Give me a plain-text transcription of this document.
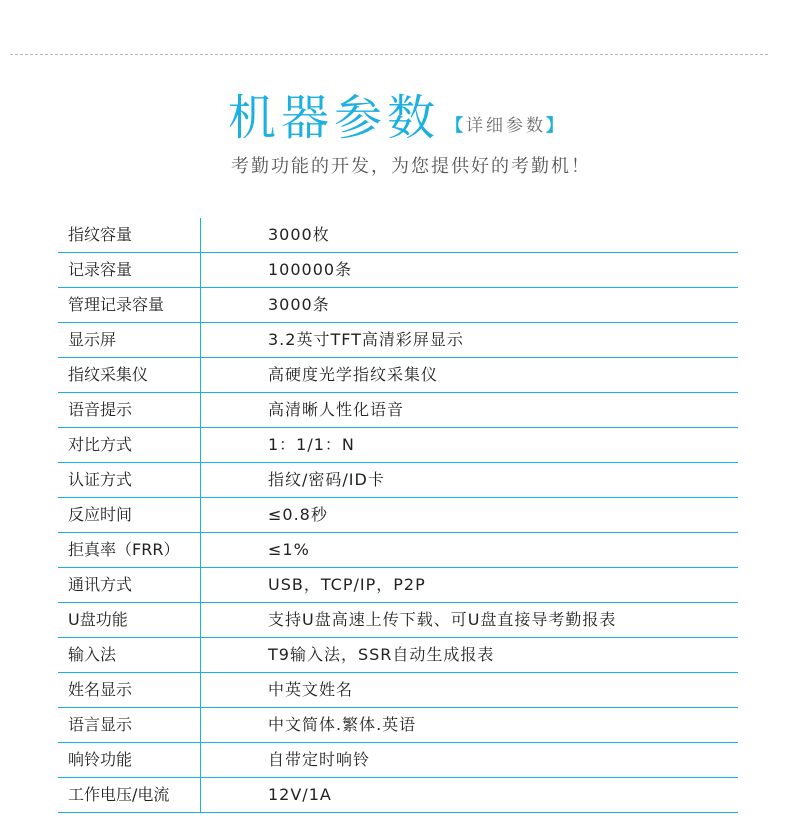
机器参数 【详细参数】
考勤功能的开发，为您提供好的考勤机！
指纹容量	3000枚
记录容量	100000条
管理记录容量	3000条
显示屏	3.2英寸TFT高清彩屏显示
指纹采集仪	高硬度光学指纹采集仪
语音提示	高清晰人性化语音
对比方式	1：1/1：N
认证方式	指纹/密码/ID卡
反应时间	≤0.8秒
拒真率（FRR）	≤1%
通讯方式	USB，TCP/IP，P2P
U盘功能	支持U盘高速上传下载、可U盘直接导考勤报表
输入法	T9输入法，SSR自动生成报表
姓名显示	中英文姓名
语言显示	中文简体.繁体.英语
响铃功能	自带定时响铃
工作电压/电流	12V/1A
